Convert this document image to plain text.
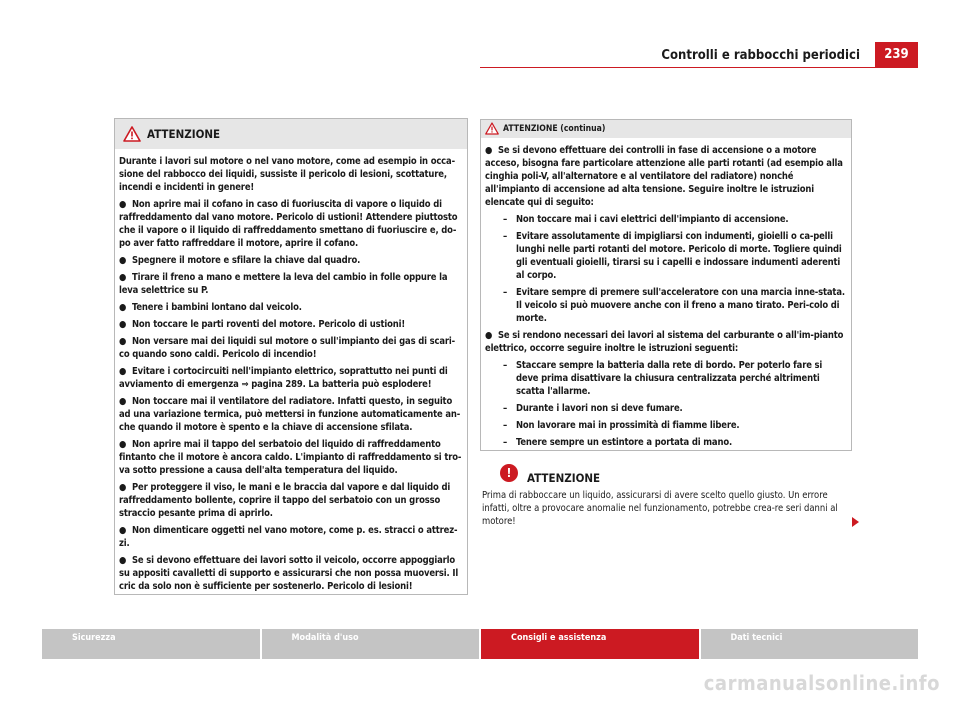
Controlli e rabbocchi periodici	239
ATTENZIONE

Durante i lavori sul motore o nel vano motore, come ad esempio in occa-sione del rabbocco dei liquidi, sussiste il pericolo di lesioni, scottature, incendi e incidenti in genere!

● Non aprire mai il cofano in caso di fuoriuscita di vapore o liquido di raffreddamento dal vano motore. Pericolo di ustioni! Attendere piuttosto che il vapore o il liquido di raffreddamento smettano di fuoriuscire e, do-po aver fatto raffreddare il motore, aprire il cofano.
● Spegnere il motore e sfilare la chiave dal quadro.
● Tirare il freno a mano e mettere la leva del cambio in folle oppure la leva selettrice su P.
● Tenere i bambini lontano dal veicolo.
● Non toccare le parti roventi del motore. Pericolo di ustioni!
● Non versare mai dei liquidi sul motore o sull'impianto dei gas di scari-co quando sono caldi. Pericolo di incendio!
● Evitare i cortocircuiti nell'impianto elettrico, soprattutto nei punti di avviamento di emergenza ⇒ pagina 289. La batteria può esplodere!
● Non toccare mai il ventilatore del radiatore. Infatti questo, in seguito ad una variazione termica, può mettersi in funzione automaticamente an-che quando il motore è spento e la chiave di accensione sfilata.
● Non aprire mai il tappo del serbatoio del liquido di raffreddamento fintanto che il motore è ancora caldo. L'impianto di raffreddamento si tro-va sotto pressione a causa dell'alta temperatura del liquido.
● Per proteggere il viso, le mani e le braccia dal vapore e dal liquido di raffreddamento bollente, coprire il tappo del serbatoio con un grosso straccio pesante prima di aprirlo.
● Non dimenticare oggetti nel vano motore, come p. es. stracci o attrez-zi.
● Se si devono effettuare dei lavori sotto il veicolo, occorre appoggiarlo su appositi cavalletti di supporto e assicurarsi che non possa muoversi. Il cric da solo non è sufficiente per sostenerlo. Pericolo di lesioni!
ATTENZIONE (continua)
● Se si devono effettuare dei controlli in fase di accensione o a motore acceso, bisogna fare particolare attenzione alle parti rotanti (ad esempio alla cinghia poli-V, all'alternatore e al ventilatore del radiatore) nonché all'impianto di accensione ad alta tensione. Seguire inoltre le istruzioni elencate qui di seguito:
– Non toccare mai i cavi elettrici dell'impianto di accensione.
– Evitare assolutamente di impigliarsi con indumenti, gioielli o ca-pelli lunghi nelle parti rotanti del motore. Pericolo di morte. Togliere quindi gli eventuali gioielli, tirarsi su i capelli e indossare indumenti aderenti al corpo.
– Evitare sempre di premere sull'acceleratore con una marcia inne-stata. Il veicolo si può muovere anche con il freno a mano tirato. Peri-colo di morte.
● Se si rendono necessari dei lavori al sistema del carburante o all'im-pianto elettrico, occorre seguire inoltre le istruzioni seguenti:
– Staccare sempre la batteria dalla rete di bordo. Per poterlo fare si deve prima disattivare la chiusura centralizzata perché altrimenti scatta l'allarme.
– Durante i lavori non si deve fumare.
– Non lavorare mai in prossimità di fiamme libere.
– Tenere sempre un estintore a portata di mano.
!	ATTENZIONE
Prima di rabboccare un liquido, assicurarsi di avere scelto quello giusto. Un errore infatti, oltre a provocare anomalie nel funzionamento, potrebbe crea-re seri danni al motore!
Sicurezza	Modalità d'uso	Consigli e assistenza	Dati tecnici
carmanualsonline.info
